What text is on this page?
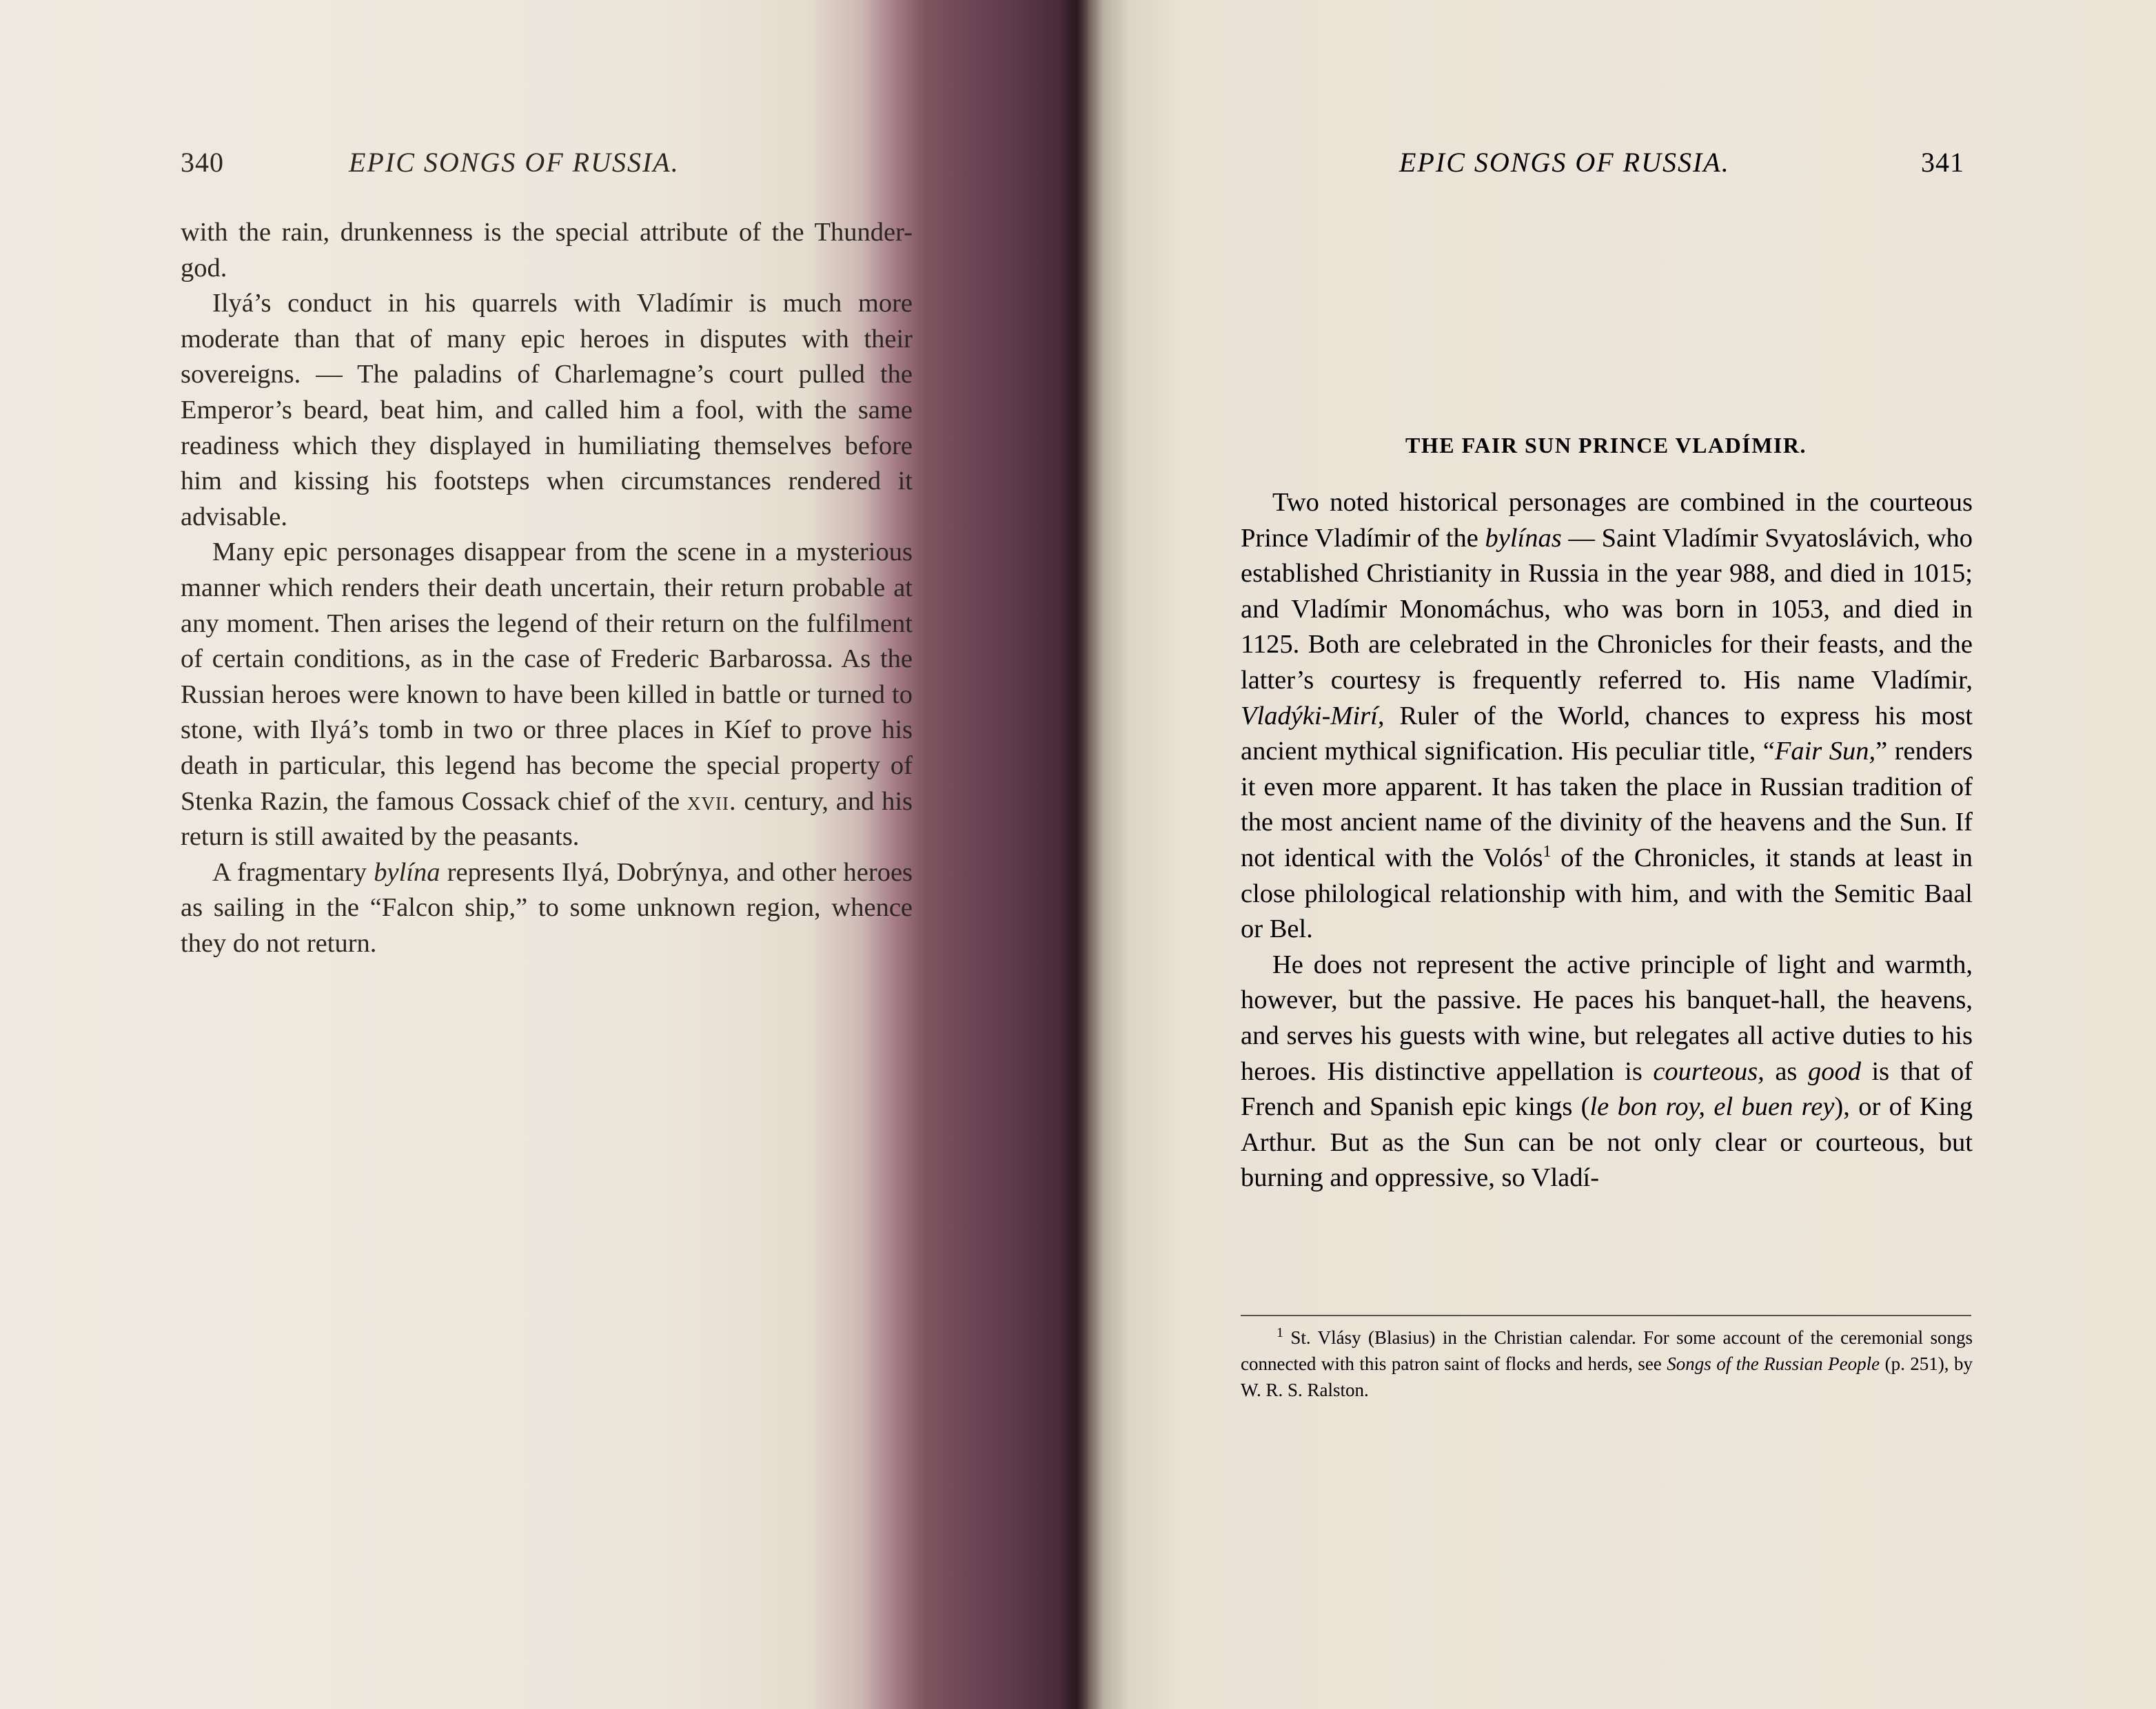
340	EPIC SONGS OF RUSSIA.

with the rain, drunkenness is the special attribute of the Thunder-god.

Ilyá’s conduct in his quarrels with Vladímir is much more moderate than that of many epic heroes in disputes with their sovereigns. — The paladins of Charlemagne’s court pulled the Emperor’s beard, beat him, and called him a fool, with the same readiness which they displayed in humiliating themselves before him and kissing his footsteps when circumstances rendered it advisable.

Many epic personages disappear from the scene in a mysterious manner which renders their death uncertain, their return probable at any moment. Then arises the legend of their return on the fulfilment of certain conditions, as in the case of Frederic Barbarossa. As the Russian heroes were known to have been killed in battle or turned to stone, with Ilyá’s tomb in two or three places in Kíef to prove his death in particular, this legend has become the special property of Stenka Razin, the famous Cossack chief of the xvii. century, and his return is still awaited by the peasants.

A fragmentary bylína represents Ilyá, Dobrýnya, and other heroes as sailing in the “Falcon ship,” to some unknown region, whence they do not return.

EPIC SONGS OF RUSSIA.	341
THE FAIR SUN PRINCE VLADÍMIR.

Two noted historical personages are combined in the courteous Prince Vladímir of the bylínas — Saint Vladímir Svyatoslávich, who established Christianity in Russia in the year 988, and died in 1015; and Vladímir Monomáchus, who was born in 1053, and died in 1125. Both are celebrated in the Chronicles for their feasts, and the latter’s courtesy is frequently referred to. His name Vladímir, Vladýki-Mirí, Ruler of the World, chances to express his most ancient mythical signification. His peculiar title, “Fair Sun,” renders it even more apparent. It has taken the place in Russian tradition of the most ancient name of the divinity of the heavens and the Sun. If not identical with the Volós$^1$ of the Chronicles, it stands at least in close philological relationship with him, and with the Semitic Baal or Bel.

He does not represent the active principle of light and warmth, however, but the passive. He paces his banquet-hall, the heavens, and serves his guests with wine, but relegates all active duties to his heroes. His distinctive appellation is courteous, as good is that of French and Spanish epic kings (le bon roy, el buen rey), or of King Arthur. But as the Sun can be not only clear or courteous, but burning and oppressive, so Vladí-

$^1$ St. Vlásy (Blasius) in the Christian calendar. For some account of the ceremonial songs connected with this patron saint of flocks and herds, see Songs of the Russian People (p. 251), by W. R. S. Ralston.
